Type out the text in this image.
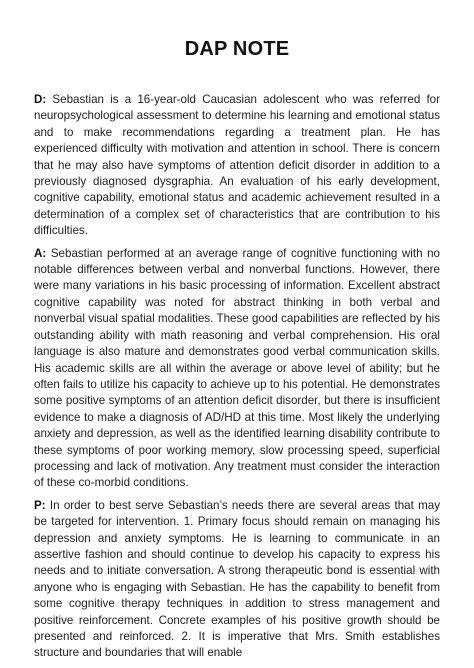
DAP NOTE

D: Sebastian is a 16-year-old Caucasian adolescent who was referred for neuropsychological assessment to determine his learning and emotional status and to make recommendations regarding a treatment plan. He has experienced difficulty with motivation and attention in school. There is concern that he may also have symptoms of attention deficit disorder in addition to a previously diagnosed dysgraphia. An evaluation of his early development, cognitive capability, emotional status and academic achievement resulted in a determination of a complex set of characteristics that are contribution to his difficulties.

A: Sebastian performed at an average range of cognitive functioning with no notable differences between verbal and nonverbal functions. However, there were many variations in his basic processing of information. Excellent abstract cognitive capability was noted for abstract thinking in both verbal and nonverbal visual spatial modalities. These good capabilities are reflected by his outstanding ability with math reasoning and verbal comprehension. His oral language is also mature and demonstrates good verbal communication skills. His academic skills are all within the average or above level of ability; but he often fails to utilize his capacity to achieve up to his potential. He demonstrates some positive symptoms of an attention deficit disorder, but there is insufficient evidence to make a diagnosis of AD/HD at this time. Most likely the underlying anxiety and depression, as well as the identified learning disability contribute to these symptoms of poor working memory, slow processing speed, superficial processing and lack of motivation. Any treatment must consider the interaction of these co-morbid conditions.

P: In order to best serve Sebastian’s needs there are several areas that may be targeted for intervention. 1. Primary focus should remain on managing his depression and anxiety symptoms. He is learning to communicate in an assertive fashion and should continue to develop his capacity to express his needs and to initiate conversation. A strong therapeutic bond is essential with anyone who is engaging with Sebastian. He has the capability to benefit from some cognitive therapy techniques in addition to stress management and positive reinforcement. Concrete examples of his positive growth should be presented and reinforced. 2. It is imperative that Mrs. Smith establishes structure and boundaries that will enable
